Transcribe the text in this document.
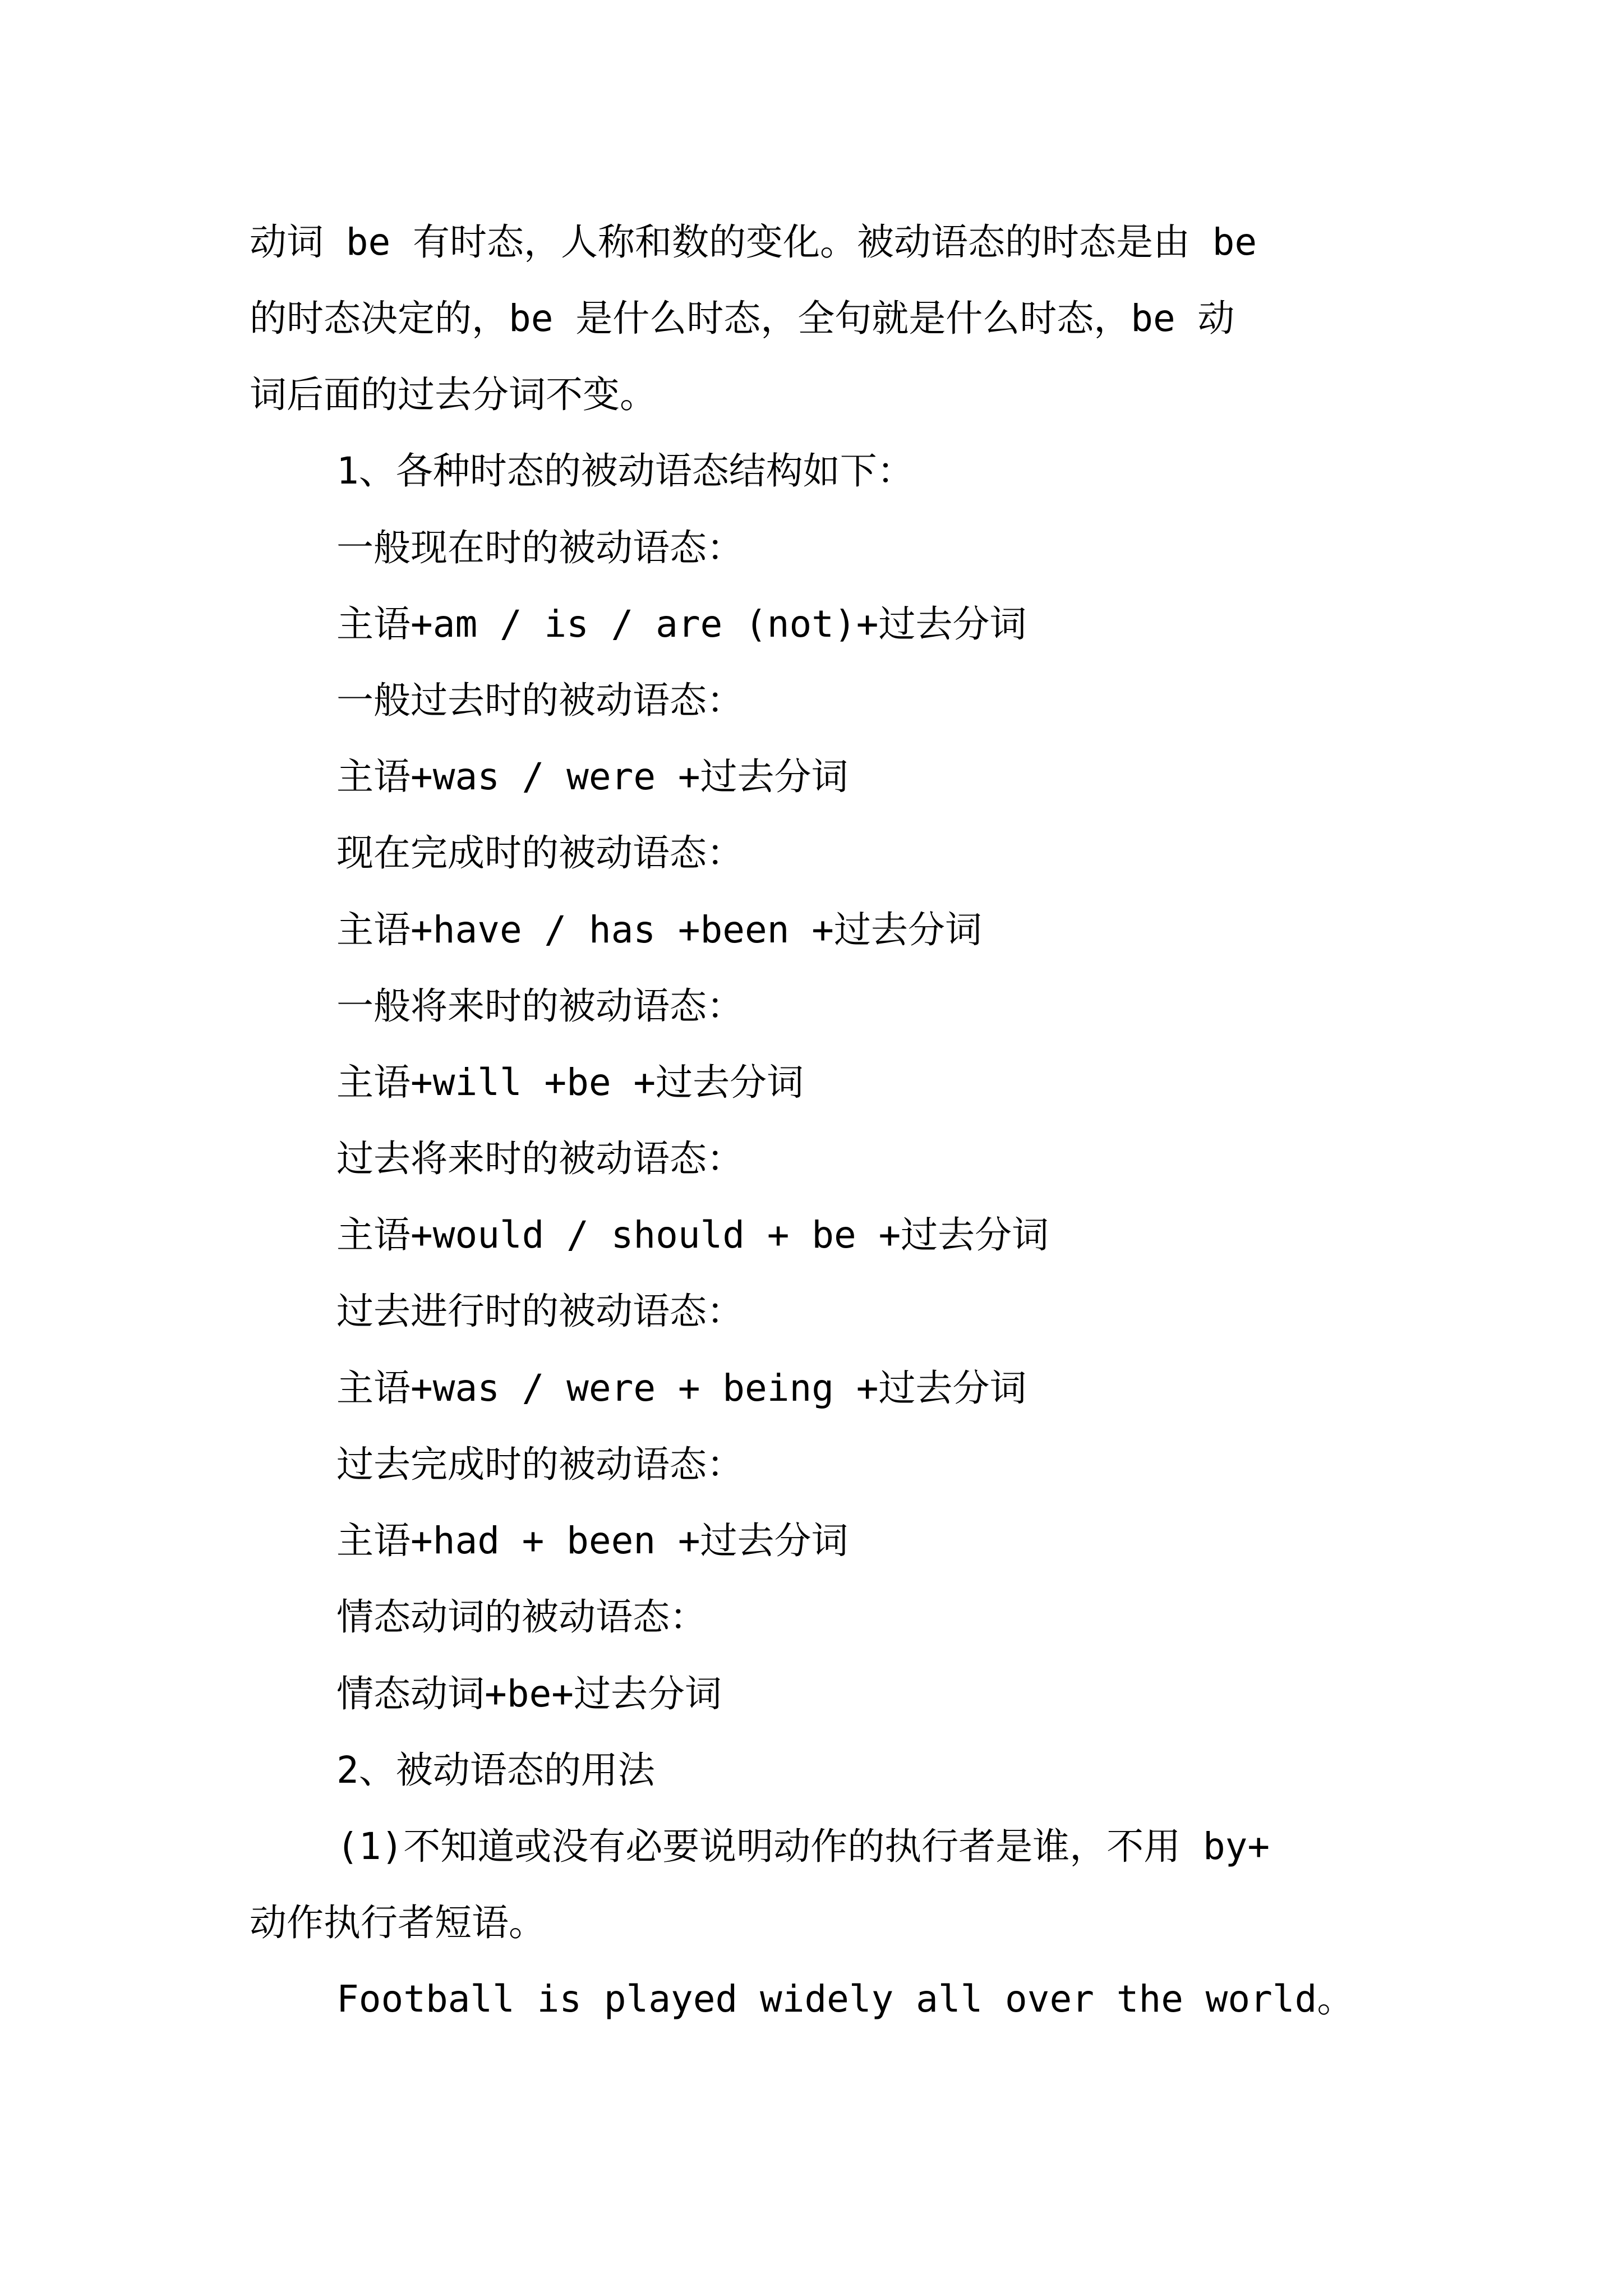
动词 be 有时态，人称和数的变化。被动语态的时态是由 be
的时态决定的，be 是什么时态，全句就是什么时态，be 动
词后面的过去分词不变。
1、各种时态的被动语态结构如下：
一般现在时的被动语态：
主语+am / is / are (not)+过去分词
一般过去时的被动语态：
主语+was / were +过去分词
现在完成时的被动语态：
主语+have / has +been +过去分词
一般将来时的被动语态：
主语+will +be +过去分词
过去将来时的被动语态：
主语+would / should + be +过去分词
过去进行时的被动语态：
主语+was / were + being +过去分词
过去完成时的被动语态：
主语+had + been +过去分词
情态动词的被动语态：
情态动词+be+过去分词
2、被动语态的用法
(1)不知道或没有必要说明动作的执行者是谁，不用 by+
动作执行者短语。
Football is played widely all over the world。
